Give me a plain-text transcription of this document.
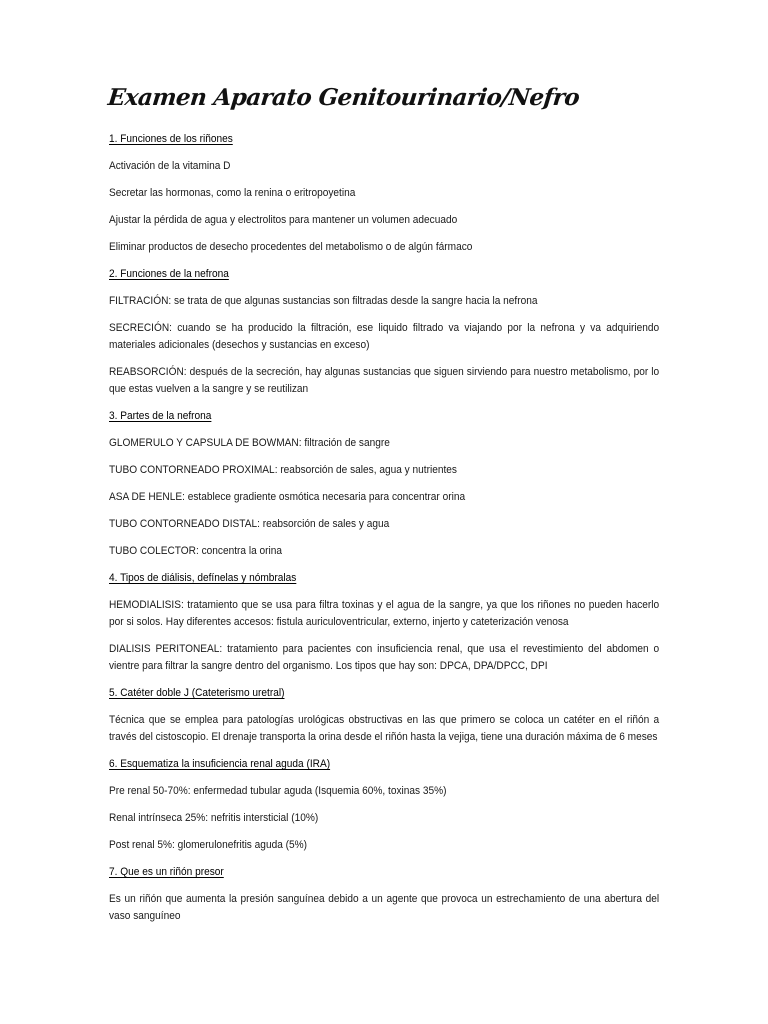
Examen Aparato Genitourinario/Nefro
1. Funciones de los riñones
Activación de la vitamina D
Secretar las hormonas, como la renina o eritropoyetina
Ajustar la pérdida de agua y electrolitos para mantener un volumen adecuado
Eliminar productos de desecho procedentes del metabolismo o de algún fármaco
2. Funciones de la nefrona
FILTRACIÓN: se trata de que algunas sustancias son filtradas desde la sangre hacia la nefrona
SECRECIÓN: cuando se ha producido la filtración, ese liquido filtrado va viajando por la nefrona y va adquiriendo materiales adicionales (desechos y sustancias en exceso)
REABSORCIÓN: después de la secreción, hay algunas sustancias que siguen sirviendo para nuestro metabolismo, por lo que estas vuelven a la sangre y se reutilizan
3. Partes de la nefrona
GLOMERULO Y CAPSULA DE BOWMAN: filtración de sangre
TUBO CONTORNEADO PROXIMAL: reabsorción de sales, agua y nutrientes
ASA DE HENLE: establece gradiente osmótica necesaria para concentrar orina
TUBO CONTORNEADO DISTAL: reabsorción de sales y agua
TUBO COLECTOR: concentra la orina
4. Tipos de diálisis, defínelas y nómbralas
HEMODIALISIS: tratamiento que se usa para filtra toxinas y el agua de la sangre, ya que los riñones no pueden hacerlo por si solos. Hay diferentes accesos: fistula auriculoventricular, externo, injerto y cateterización venosa
DIALISIS PERITONEAL: tratamiento para pacientes con insuficiencia renal, que usa el revestimiento del abdomen o vientre para filtrar la sangre dentro del organismo. Los tipos que hay son: DPCA, DPA/DPCC, DPI
5. Catéter doble J (Cateterismo uretral)
Técnica que se emplea para patologías urológicas obstructivas en las que primero se coloca un catéter en el riñón a través del cistoscopio. El drenaje transporta la orina desde el riñón hasta la vejiga, tiene una duración máxima de 6 meses
6. Esquematiza la insuficiencia renal aguda (IRA)
Pre renal 50-70%: enfermedad tubular aguda (Isquemia 60%, toxinas 35%)
Renal intrínseca 25%: nefritis intersticial (10%)
Post renal 5%: glomerulonefritis aguda (5%)
7. Que es un riñón presor
Es un riñón que aumenta la presión sanguínea debido a un agente que provoca un estrechamiento de una abertura del vaso sanguíneo
